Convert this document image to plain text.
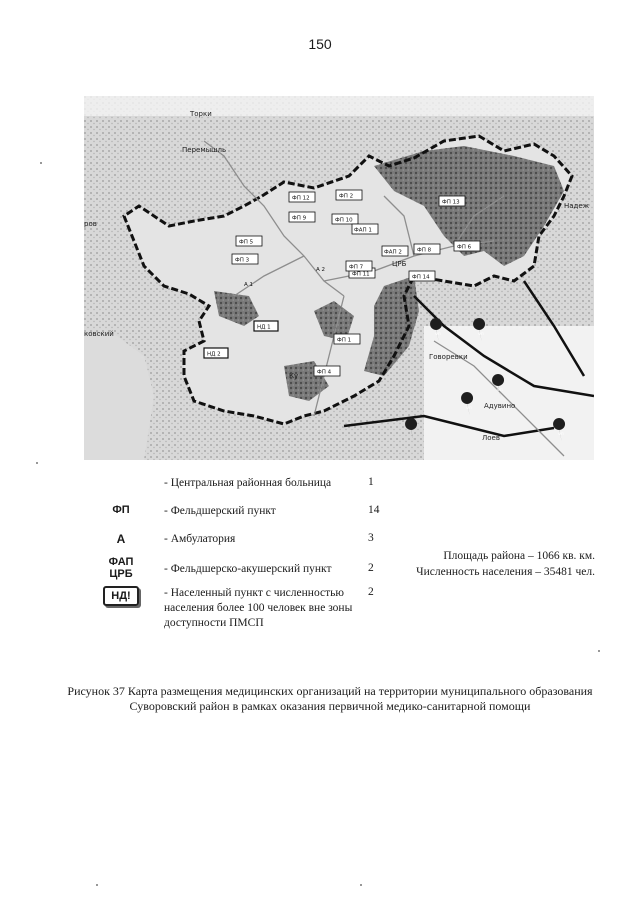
150
Торки
Перемышль
Надеж
ров
ковский
Говоревки
Адувино
Лоев
Ку
ЦРБ
ФП 12
ФП 9	ФП 10
ФП 5
ФП 3
ФП 8	ФП 6
ФП 11
ФП 1
ФП 7
ФП 4
ФП 14
ФП 2
ФП 13
НД 1
НД 2
А 1
А 2
ФАП 1
ФАП 2
ФП	ФП
ФП
ФП
ФП
- Центральная районная больница	1
ФП	- Фельдшерский пункт	14
А	- Амбулатория	3
ФАП
ЦРБ	- Фельдшерско-акушерский пункт	2
НД!	- Населенный пункт с численностью населения более 100 человек вне зоны доступности ПМСП
2
Площадь района – 1066 кв. км.
Численность населения – 35481 чел.
Рисунок 37 Карта размещения медицинских организаций на территории муниципального образования Суворовский район в рамках оказания первичной медико-санитарной помощи
